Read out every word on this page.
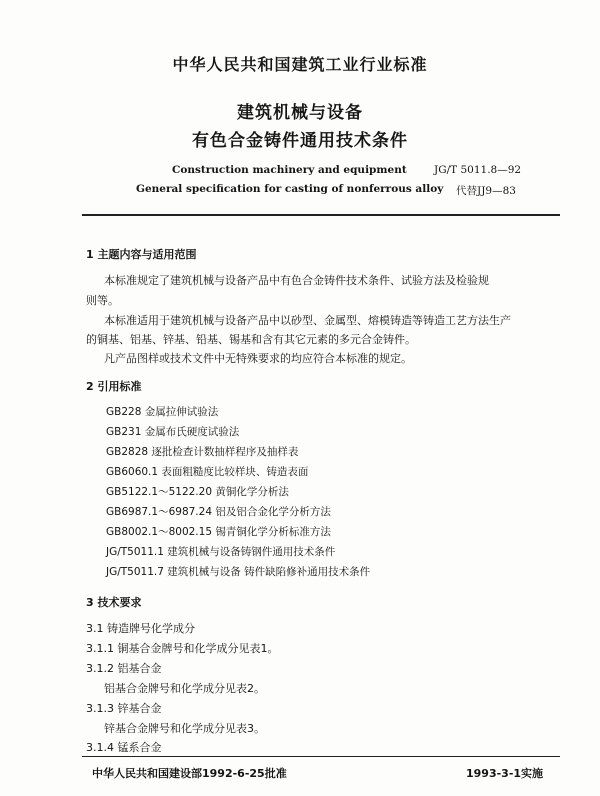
中华人民共和国建筑工业行业标准
建筑机械与设备
有色合金铸件通用技术条件
Construction machinery and equipment
General specification for casting of nonferrous alloy
JG/T 5011.8—92
代替JJ9—83
1 主题内容与适用范围
本标准规定了建筑机械与设备产品中有色合金铸件技术条件、试验方法及检验规
则等。
本标准适用于建筑机械与设备产品中以砂型、金属型、熔模铸造等铸造工艺方法生产
的铜基、铝基、锌基、铅基、锡基和含有其它元素的多元合金铸件。
凡产品图样或技术文件中无特殊要求的均应符合本标准的规定。
2 引用标准
GB228 金属拉伸试验法
GB231 金属布氏硬度试验法
GB2828 逐批检查计数抽样程序及抽样表
GB6060.1 表面粗糙度比较样块、铸造表面
GB5122.1～5122.20 黄铜化学分析法
GB6987.1～6987.24 铝及铝合金化学分析方法
GB8002.1～8002.15 锡青铜化学分析标准方法
JG/T5011.1 建筑机械与设备铸钢件通用技术条件
JG/T5011.7 建筑机械与设备 铸件缺陷修补通用技术条件
3 技术要求
3.1 铸造牌号化学成分
3.1.1 铜基合金牌号和化学成分见表1。
3.1.2 铝基合金
铝基合金牌号和化学成分见表2。
3.1.3 锌基合金
锌基合金牌号和化学成分见表3。
3.1.4 锰系合金
中华人民共和国建设部1992-6-25批准	1993-3-1实施
